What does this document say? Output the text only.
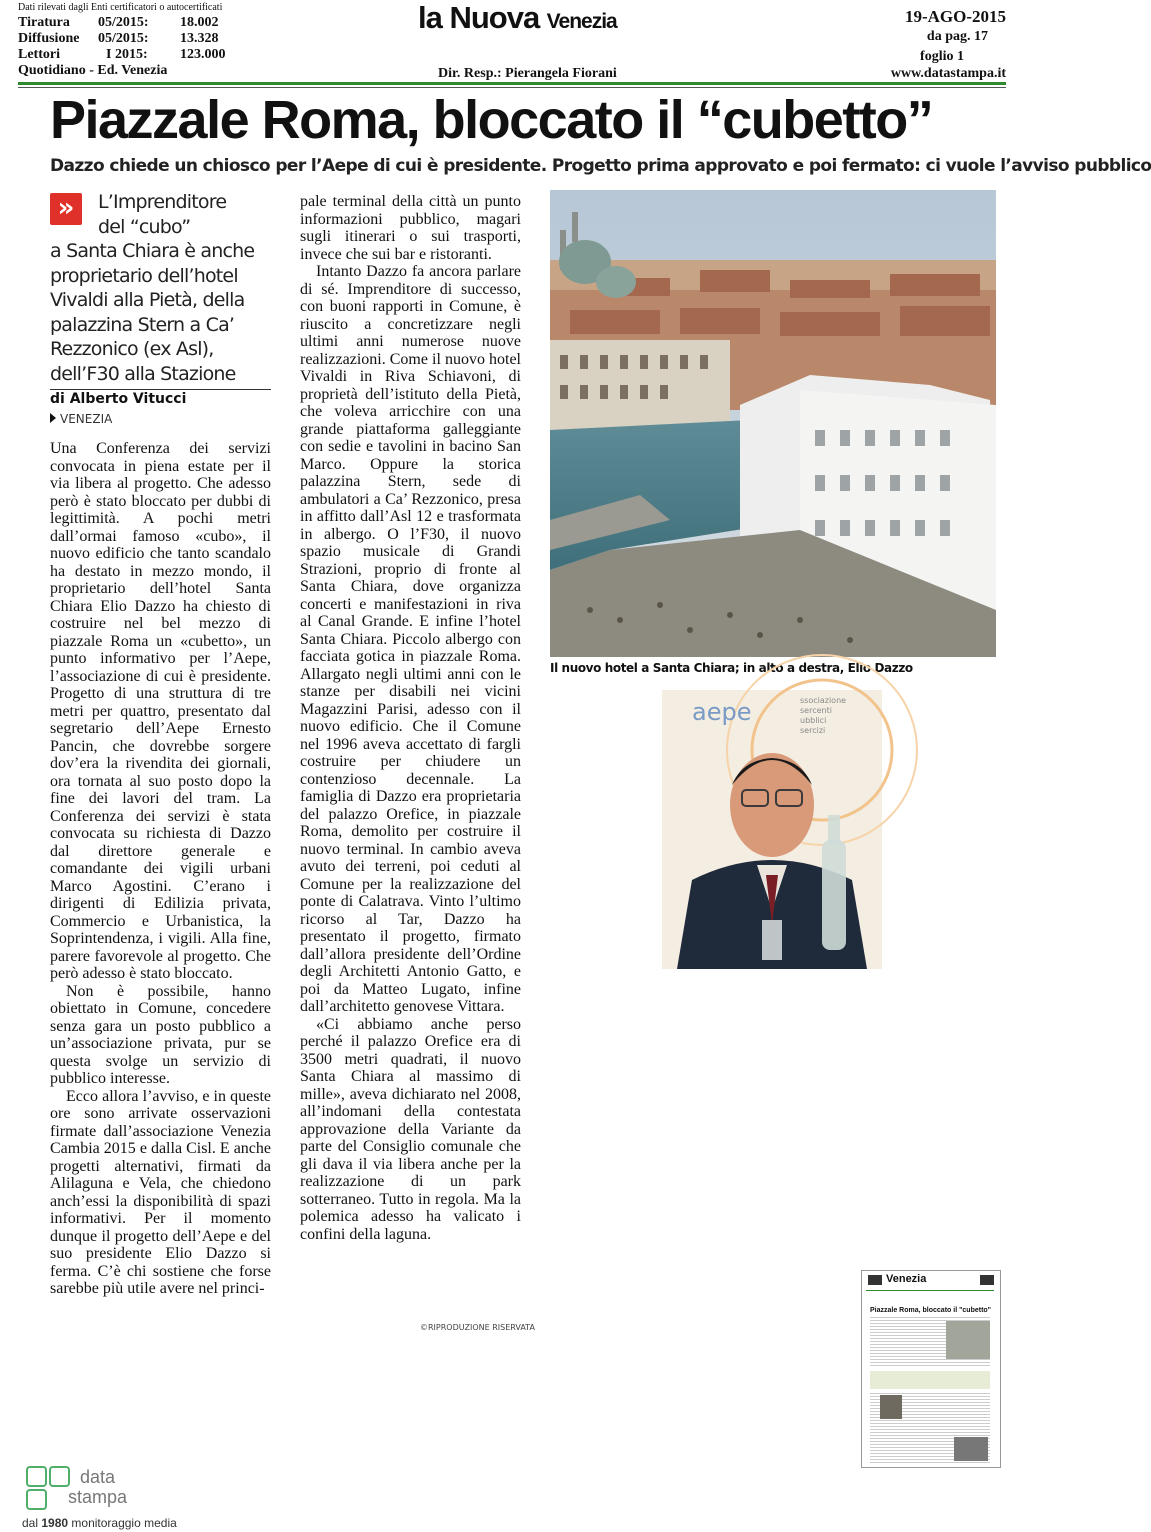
Dati rilevati dagli Enti certificatori o autocertificati
Tiratura	05/2015:	18.002
Diffusione	05/2015:	13.328
Lettori	I 2015:	123.000
Quotidiano - Ed. Venezia
la Nuova Venezia
Dir. Resp.: Pierangela Fiorani
19-AGO-2015
da pag. 17
foglio 1
www.datastampa.it
Piazzale Roma, bloccato il “cubetto”
Dazzo chiede un chiosco per l’Aepe di cui è presidente. Progetto prima approvato e poi fermato: ci vuole l’avviso pubblico
»	L’Imprenditore
del “cubo”
a Santa Chiara è anche
proprietario dell’hotel
Vivaldi alla Pietà, della
palazzina Stern a Ca’
Rezzonico (ex Asl),
dell’F30 alla Stazione
di Alberto Vitucci
VENEZIA

Una Conferenza dei servizi convocata in piena estate per il via libera al progetto. Che adesso però è stato bloccato per dubbi di legittimità. A pochi metri dall’ormai famoso «cubo», il nuovo edificio che tanto scandalo ha destato in mezzo mondo, il proprietario dell’hotel Santa Chiara Elio Dazzo ha chiesto di costruire nel bel mezzo di piazzale Roma un «cubetto», un punto informativo per l’Aepe, l’associazione di cui è presidente. Progetto di una struttura di tre metri per quattro, presentato dal segretario dell’Aepe Ernesto Pancin, che dovrebbe sorgere dov’era la rivendita dei giornali, ora tornata al suo posto dopo la fine dei lavori del tram. La Conferenza dei servizi è stata convocata su richiesta di Dazzo dal direttore generale e comandante dei vigili urbani Marco Agostini. C’erano i dirigenti di Edilizia privata, Commercio e Urbanistica, la Soprintendenza, i vigili. Alla fine, parere favorevole al progetto. Che però adesso è stato bloccato.

Non è possibile, hanno obiettato in Comune, concedere senza gara un posto pubblico a un’associazione privata, pur se questa svolge un servizio di pubblico interesse.

Ecco allora l’avviso, e in queste ore sono arrivate osservazioni firmate dall’associazione Venezia Cambia 2015 e dalla Cisl. E anche progetti alternativi, firmati da Alilaguna e Vela, che chiedono anch’essi la disponibilità di spazi informativi. Per il momento dunque il progetto dell’Aepe e del suo presidente Elio Dazzo si ferma. C’è chi sostiene che forse sarebbe più utile avere nel princi-

pale terminal della città un punto informazioni pubblico, magari sugli itinerari o sui trasporti, invece che sui bar e ristoranti.

Intanto Dazzo fa ancora parlare di sé. Imprenditore di successo, con buoni rapporti in Comune, è riuscito a concretizzare negli ultimi anni numerose nuove realizzazioni. Come il nuovo hotel Vivaldi in Riva Schiavoni, di proprietà dell’istituto della Pietà, che voleva arricchire con una grande piattaforma galleggiante con sedie e tavolini in bacino San Marco. Oppure la storica palazzina Stern, sede di ambulatori a Ca’ Rezzonico, presa in affitto dall’Asl 12 e trasformata in albergo. O l’F30, il nuovo spazio musicale di Grandi Strazioni, proprio di fronte al Santa Chiara, dove organizza concerti e manifestazioni in riva al Canal Grande. E infine l’hotel Santa Chiara. Piccolo albergo con facciata gotica in piazzale Roma. Allargato negli ultimi anni con le stanze per disabili nei vicini Magazzini Parisi, adesso con il nuovo edificio. Che il Comune nel 1996 aveva accettato di fargli costruire per chiudere un contenzioso decennale. La famiglia di Dazzo era proprietaria del palazzo Orefice, in piazzale Roma, demolito per costruire il nuovo terminal. In cambio aveva avuto dei terreni, poi ceduti al Comune per la realizzazione del ponte di Calatrava. Vinto l’ultimo ricorso al Tar, Dazzo ha presentato il progetto, firmato dall’allora presidente dell’Ordine degli Architetti Antonio Gatto, e poi da Matteo Lugato, infine dall’architetto genovese Vittara.

«Ci abbiamo anche perso perché il palazzo Orefice era di 3500 metri quadrati, il nuovo Santa Chiara al massimo di mille», aveva dichiarato nel 2008, all’indomani della contestata approvazione della Variante da parte del Consiglio comunale che gli dava il via libera anche per la realizzazione di un park sotterraneo. Tutto in regola. Ma la polemica adesso ha valicato i confini della laguna.

©RIPRODUZIONE RISERVATA
Il nuovo hotel a Santa Chiara; in alto a destra, Elio Dazzo
aepe	ssociazione
sercenti
ubblici
sercizi
Venezia
Piazzale Roma, bloccato il "cubetto"
data
stampa
dal 1980 monitoraggio media
